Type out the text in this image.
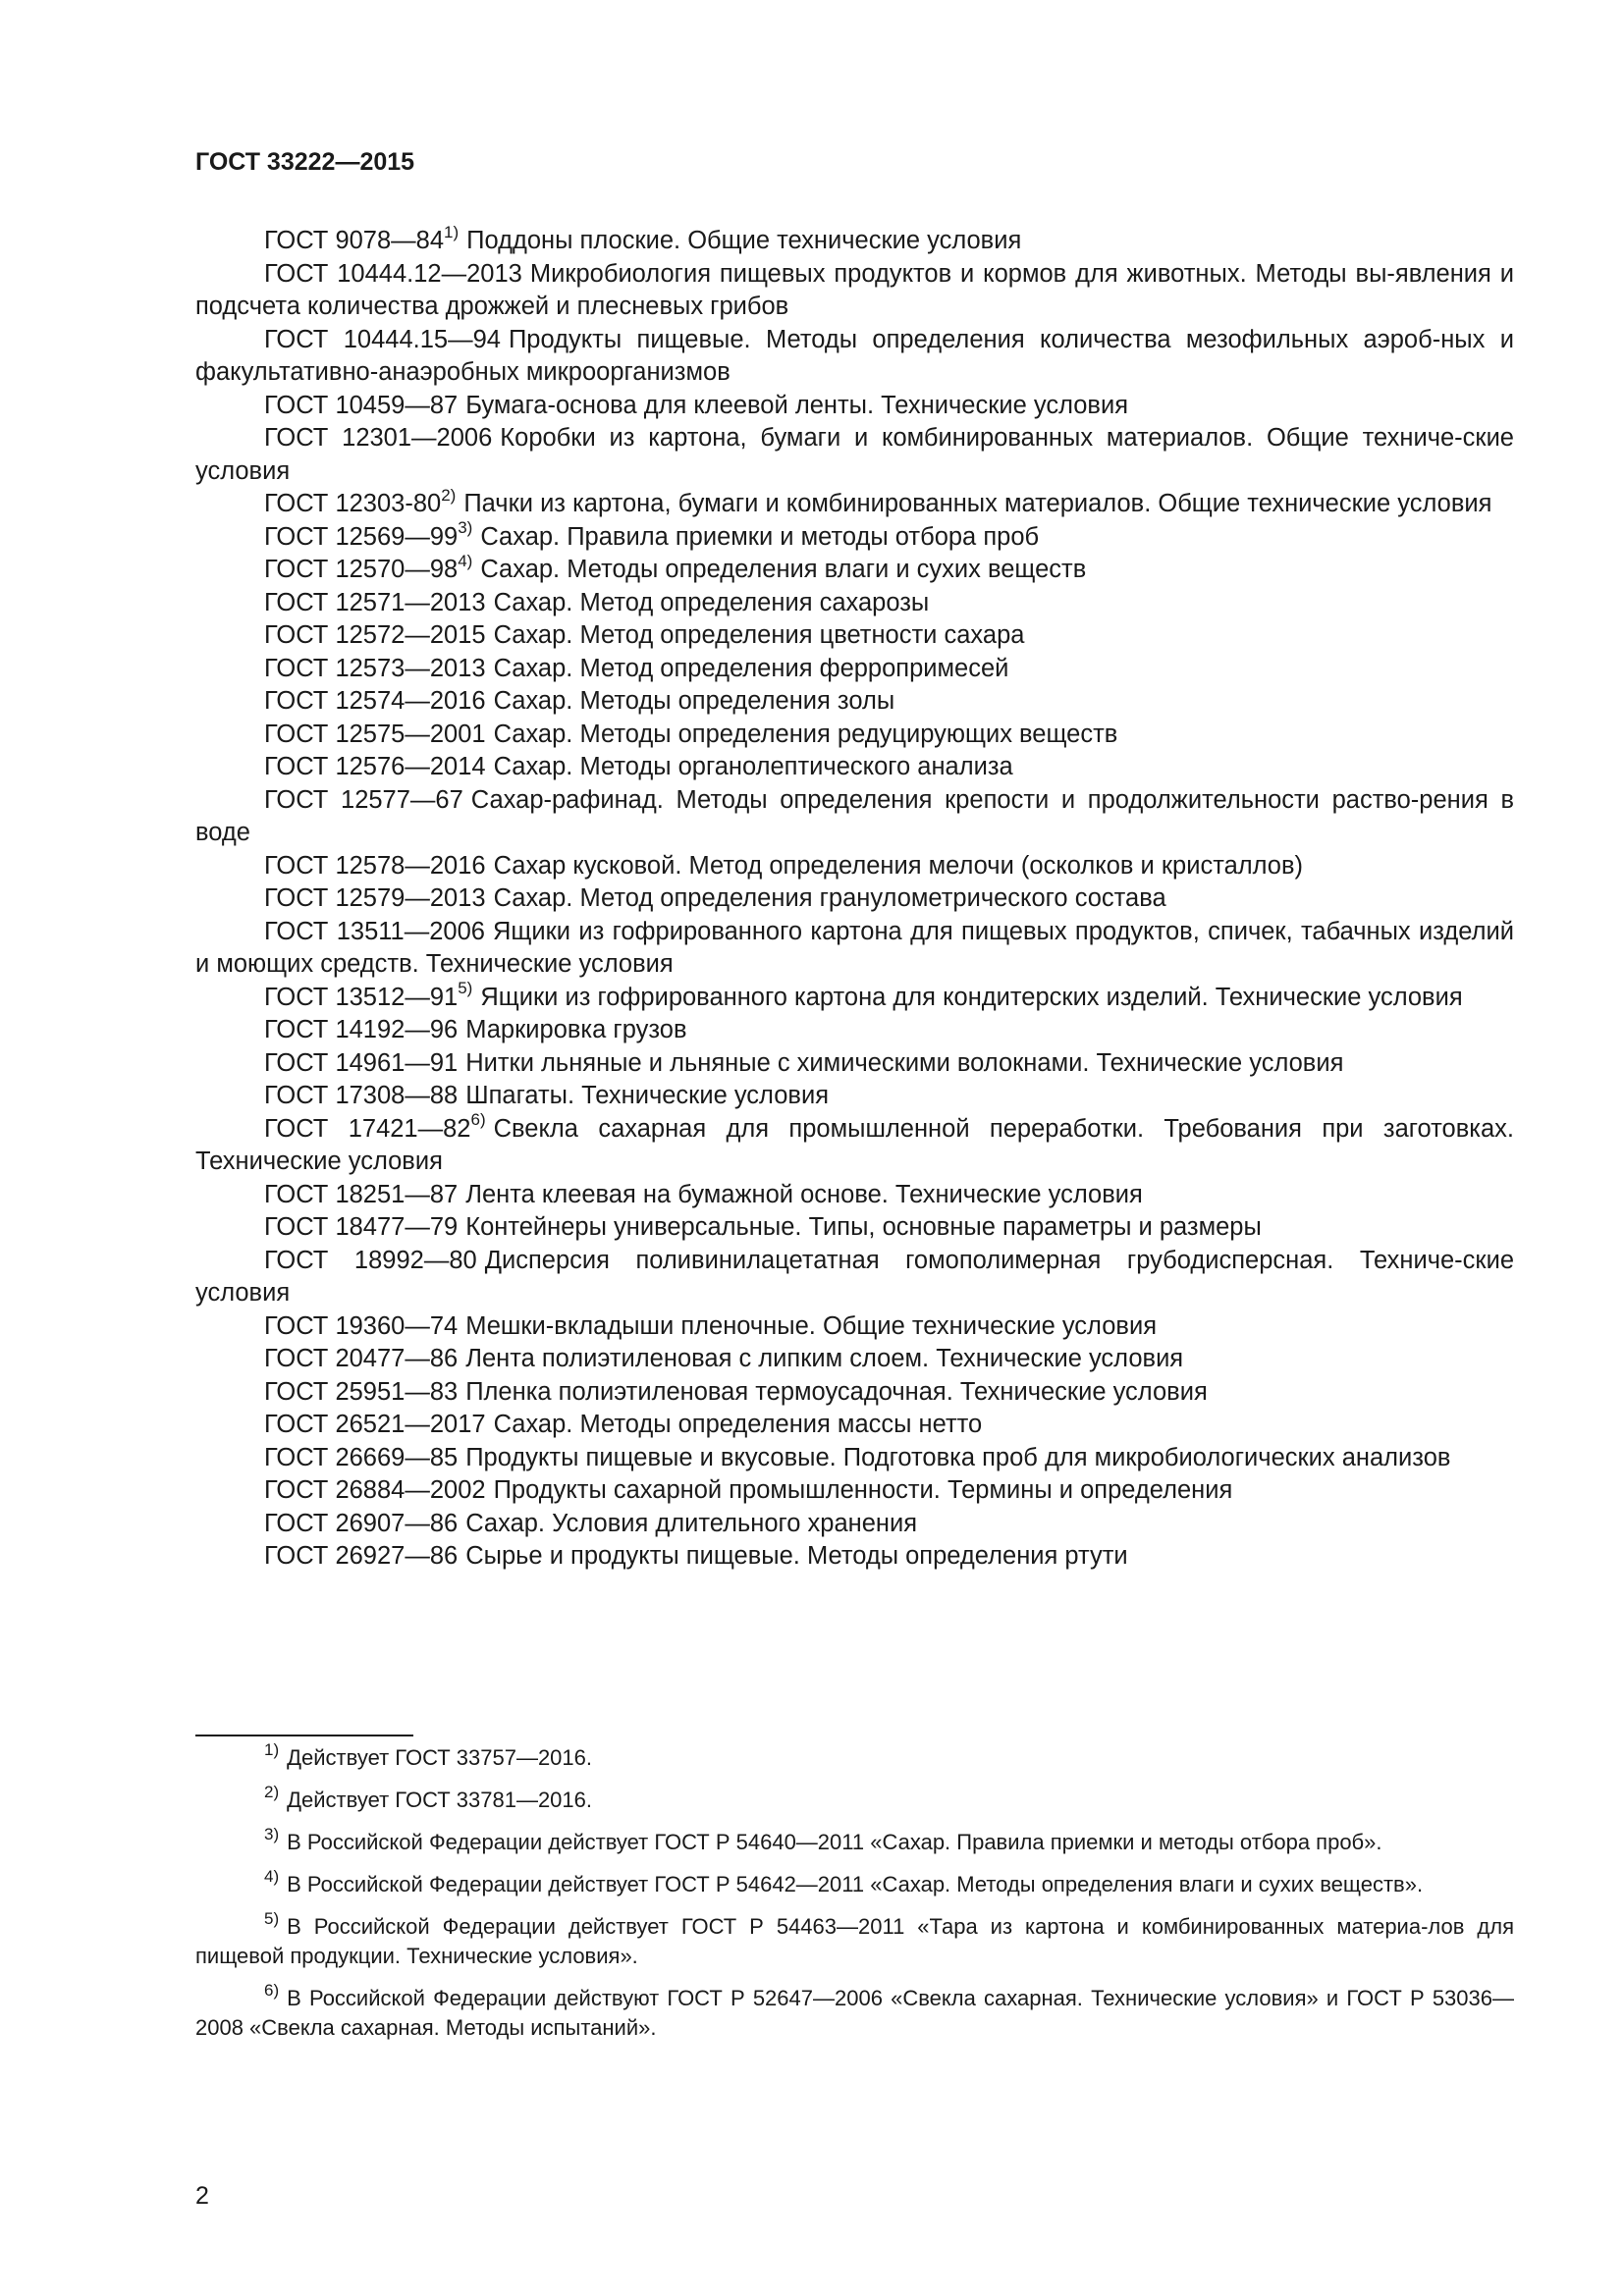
ГОСТ 33222—2015

ГОСТ 9078—84$^{1)}$ Поддоны плоские. Общие технические условия

ГОСТ 10444.12—2013 Микробиология пищевых продуктов и кормов для животных. Методы вы-явления и подсчета количества дрожжей и плесневых грибов

ГОСТ 10444.15—94 Продукты пищевые. Методы определения количества мезофильных аэроб-ных и факультативно-анаэробных микроорганизмов

ГОСТ 10459—87 Бумага-основа для клеевой ленты. Технические условия

ГОСТ 12301—2006 Коробки из картона, бумаги и комбинированных материалов. Общие техниче-ские условия

ГОСТ 12303-80$^{2)}$ Пачки из картона, бумаги и комбинированных материалов. Общие технические условия

ГОСТ 12569—99$^{3)}$ Сахар. Правила приемки и методы отбора проб

ГОСТ 12570—98$^{4)}$ Сахар. Методы определения влаги и сухих веществ

ГОСТ 12571—2013 Сахар. Метод определения сахарозы

ГОСТ 12572—2015 Сахар. Метод определения цветности сахара

ГОСТ 12573—2013 Сахар. Метод определения ферропримесей

ГОСТ 12574—2016 Сахар. Методы определения золы

ГОСТ 12575—2001 Сахар. Методы определения редуцирующих веществ

ГОСТ 12576—2014 Сахар. Методы органолептического анализа

ГОСТ 12577—67 Сахар-рафинад. Методы определения крепости и продолжительности раство-рения в воде

ГОСТ 12578—2016 Сахар кусковой. Метод определения мелочи (осколков и кристаллов)

ГОСТ 12579—2013 Сахар. Метод определения гранулометрического состава

ГОСТ 13511—2006 Ящики из гофрированного картона для пищевых продуктов, спичек, табачных изделий и моющих средств. Технические условия

ГОСТ 13512—91$^{5)}$ Ящики из гофрированного картона для кондитерских изделий. Технические условия

ГОСТ 14192—96 Маркировка грузов

ГОСТ 14961—91 Нитки льняные и льняные с химическими волокнами. Технические условия

ГОСТ 17308—88 Шпагаты. Технические условия

ГОСТ 17421—82$^{6)}$ Свекла сахарная для промышленной переработки. Требования при заготовках. Технические условия

ГОСТ 18251—87 Лента клеевая на бумажной основе. Технические условия

ГОСТ 18477—79 Контейнеры универсальные. Типы, основные параметры и размеры

ГОСТ 18992—80 Дисперсия поливинилацетатная гомополимерная грубодисперсная. Техниче-ские условия

ГОСТ 19360—74 Мешки-вкладыши пленочные. Общие технические условия

ГОСТ 20477—86 Лента полиэтиленовая с липким слоем. Технические условия

ГОСТ 25951—83 Пленка полиэтиленовая термоусадочная. Технические условия

ГОСТ 26521—2017 Сахар. Методы определения массы нетто

ГОСТ 26669—85 Продукты пищевые и вкусовые. Подготовка проб для микробиологических анализов

ГОСТ 26884—2002 Продукты сахарной промышленности. Термины и определения

ГОСТ 26907—86 Сахар. Условия длительного хранения

ГОСТ 26927—86 Сырье и продукты пищевые. Методы определения ртути

$^{1)}$ Действует ГОСТ 33757—2016.

$^{2)}$ Действует ГОСТ 33781—2016.

$^{3)}$ В Российской Федерации действует ГОСТ Р 54640—2011 «Сахар. Правила приемки и методы отбора проб».

$^{4)}$ В Российской Федерации действует ГОСТ Р 54642—2011 «Сахар. Методы определения влаги и сухих веществ».

$^{5)}$ В Российской Федерации действует ГОСТ Р 54463—2011 «Тара из картона и комбинированных материа-лов для пищевой продукции. Технические условия».

$^{6)}$ В Российской Федерации действуют ГОСТ Р 52647—2006 «Свекла сахарная. Технические условия» и ГОСТ Р 53036—2008 «Свекла сахарная. Методы испытаний».

2
